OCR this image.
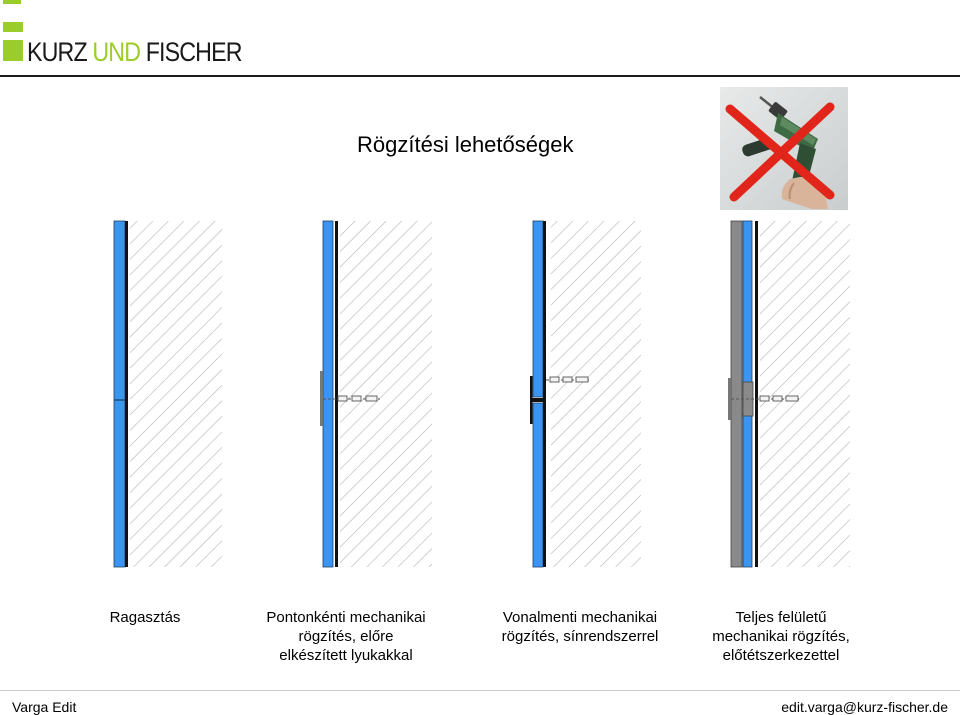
KURZ UND FISCHER
Rögzítési lehetőségek
Ragasztás	Pontonkénti mechanikai
rögzítés, előre
elkészített lyukakkal
Vonalmenti mechanikai
rögzítés, sínrendszerrel
Teljes felületű
mechanikai rögzítés,
előtétszerkezettel
Varga Edit	edit.varga@kurz-fischer.de
